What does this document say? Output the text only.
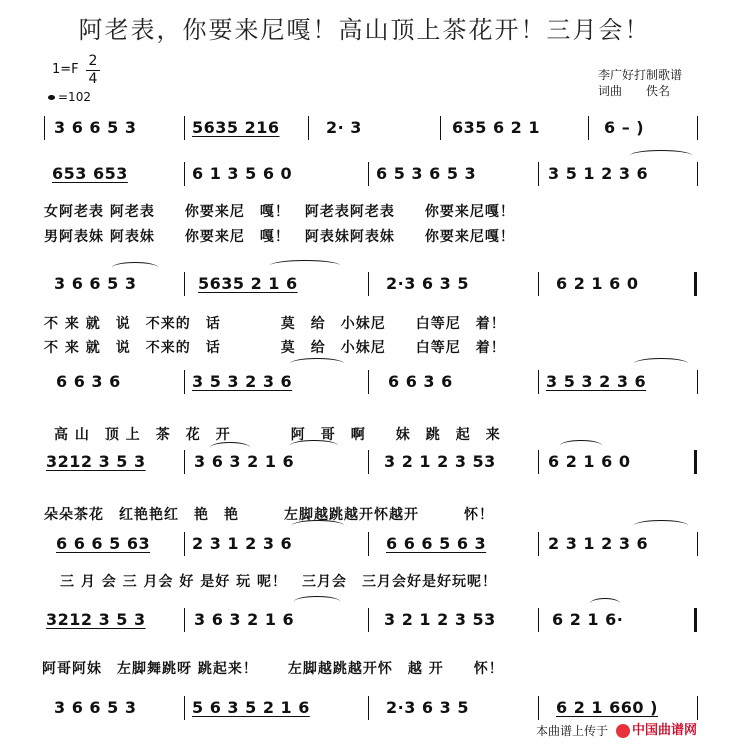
阿老表，你要来尼嘎！高山顶上茶花开！三月会！
1=F
2
4
=102
李广好打制歌谱
词曲　　佚名
3 6 6 5 3	5635 216	2· 3	635 6 2 1	6 – )
653 653	6 1 3 5 6 0	6 5 3 6 5 3	3 5 1 2 3 6
女阿老表 阿老表　　你要来尼　嘎！　阿老表阿老表　　你要来尼嘎！
男阿表妹 阿表妹　　你要来尼　嘎！　阿表妹阿表妹　　你要来尼嘎！
3 6 6 5 3	5635 2 1 6	2·3 6 3 5	6 2 1 6 0
不 来 就　说　不来的　话　　　　莫　给　小妹尼　　白等尼　着！
不 来 就　说　不来的　话　　　　莫　给　小妹尼　　白等尼　着！
6 6 3 6	3 5 3 2 3 6	6 6 3 6	3 5 3 2 3 6
高 山　顶 上　茶　花　开　　　　阿　哥　啊　　妹　跳　起　来
3212 3 5 3	3 6 3 2 1 6	3 2 1 2 3 53	6 2 1 6 0
朵朵茶花　红艳艳红　艳　艳　　　左脚越跳越开怀越开　　　怀！
6 6 6 5 63	2 3 1 2 3 6	6 6 6 5 6 3	2 3 1 2 3 6
三 月 会 三 月会 好 是好 玩 呢！　三月会　三月会好是好玩呢！
3212 3 5 3	3 6 3 2 1 6	3 2 1 2 3 53	6 2 1 6·
阿哥阿妹　左脚舞跳呀 跳起来！　　左脚越跳越开怀　越 开　　怀！
3 6 6 5 3	5 6 3 5 2 1 6	2·3 6 3 5	6 2 1 660 )
本曲谱上传于	中国曲谱网
